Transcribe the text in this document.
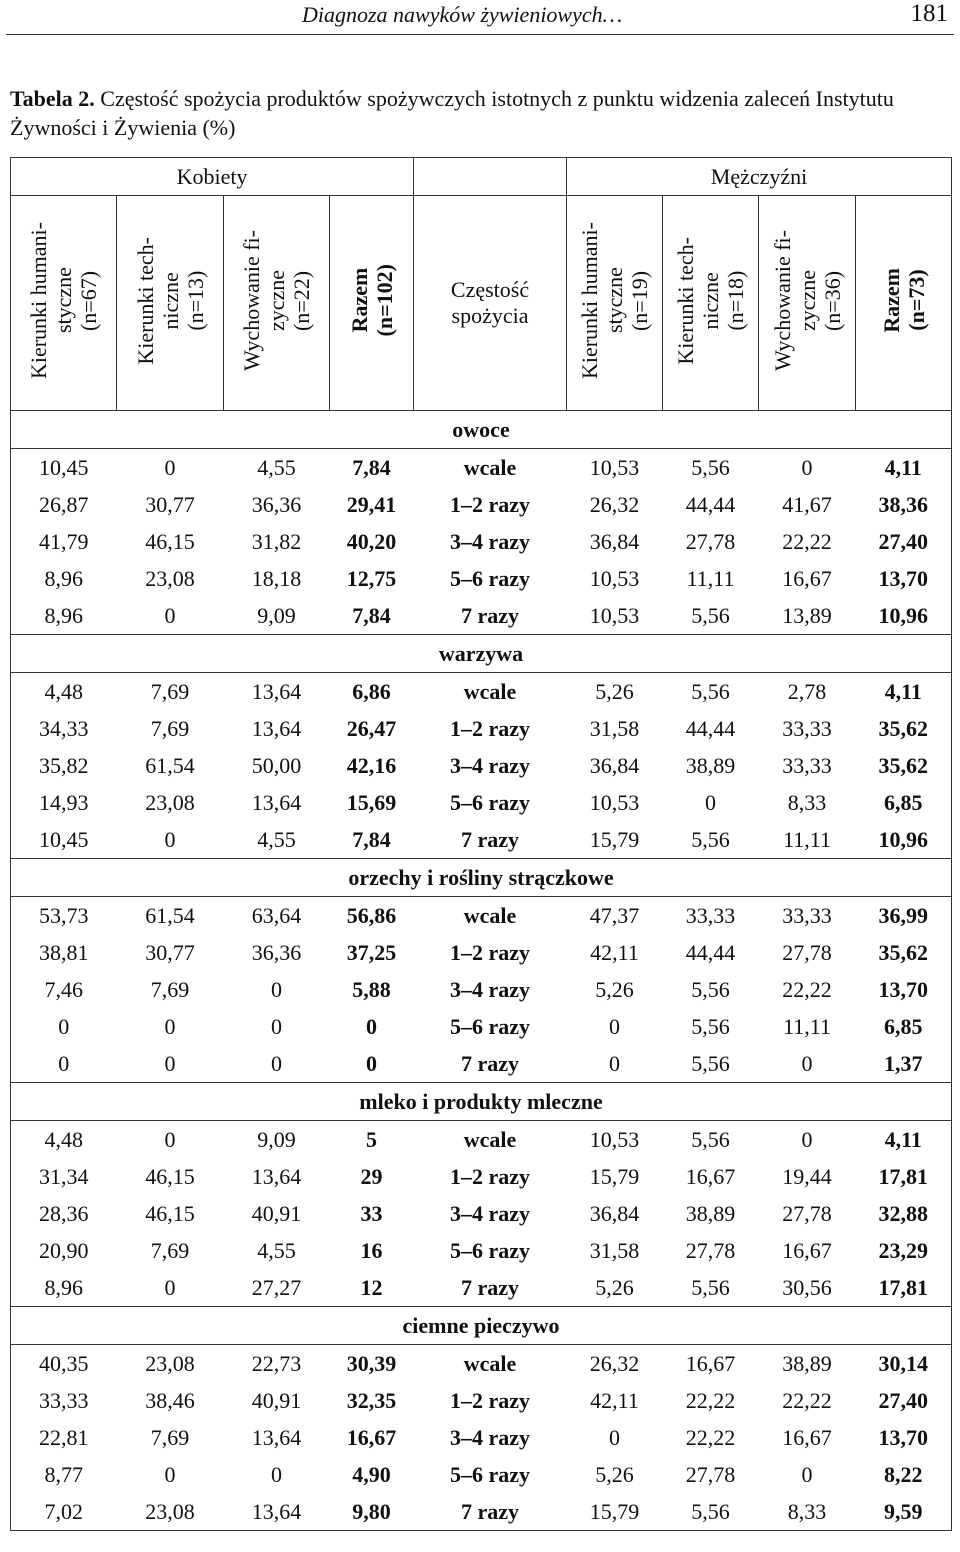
Diagnoza nawyków żywieniowych…	181
Tabela 2. Częstość spożycia produktów spożywczych istotnych z punktu widzenia zaleceń Instytutu Żywności i Żywienia (%)
Kobiety					Mężczyźni			
Kierunki humani-
styczne
(n=67)	Kierunki tech-
niczne
(n=13)	Wychowanie fi-
zyczne
(n=22)	Razem
(n=102)	Częstość
spożycia	Kierunki humani-
styczne
(n=19)	Kierunki tech-
niczne
(n=18)	Wychowanie fi-
zyczne
(n=36)	Razem
(n=73)
owoce								
10,45	0	4,55	7,84	wcale	10,53	5,56	0	4,11
26,87	30,77	36,36	29,41	1–2 razy	26,32	44,44	41,67	38,36
41,79	46,15	31,82	40,20	3–4 razy	36,84	27,78	22,22	27,40
8,96	23,08	18,18	12,75	5–6 razy	10,53	11,11	16,67	13,70
8,96	0	9,09	7,84	7 razy	10,53	5,56	13,89	10,96
warzywa								
4,48	7,69	13,64	6,86	wcale	5,26	5,56	2,78	4,11
34,33	7,69	13,64	26,47	1–2 razy	31,58	44,44	33,33	35,62
35,82	61,54	50,00	42,16	3–4 razy	36,84	38,89	33,33	35,62
14,93	23,08	13,64	15,69	5–6 razy	10,53	0	8,33	6,85
10,45	0	4,55	7,84	7 razy	15,79	5,56	11,11	10,96
orzechy i rośliny strączkowe								
53,73	61,54	63,64	56,86	wcale	47,37	33,33	33,33	36,99
38,81	30,77	36,36	37,25	1–2 razy	42,11	44,44	27,78	35,62
7,46	7,69	0	5,88	3–4 razy	5,26	5,56	22,22	13,70
0	0	0	0	5–6 razy	0	5,56	11,11	6,85
0	0	0	0	7 razy	0	5,56	0	1,37
mleko i produkty mleczne								
4,48	0	9,09	5	wcale	10,53	5,56	0	4,11
31,34	46,15	13,64	29	1–2 razy	15,79	16,67	19,44	17,81
28,36	46,15	40,91	33	3–4 razy	36,84	38,89	27,78	32,88
20,90	7,69	4,55	16	5–6 razy	31,58	27,78	16,67	23,29
8,96	0	27,27	12	7 razy	5,26	5,56	30,56	17,81
ciemne pieczywo								
40,35	23,08	22,73	30,39	wcale	26,32	16,67	38,89	30,14
33,33	38,46	40,91	32,35	1–2 razy	42,11	22,22	22,22	27,40
22,81	7,69	13,64	16,67	3–4 razy	0	22,22	16,67	13,70
8,77	0	0	4,90	5–6 razy	5,26	27,78	0	8,22
7,02	23,08	13,64	9,80	7 razy	15,79	5,56	8,33	9,59
